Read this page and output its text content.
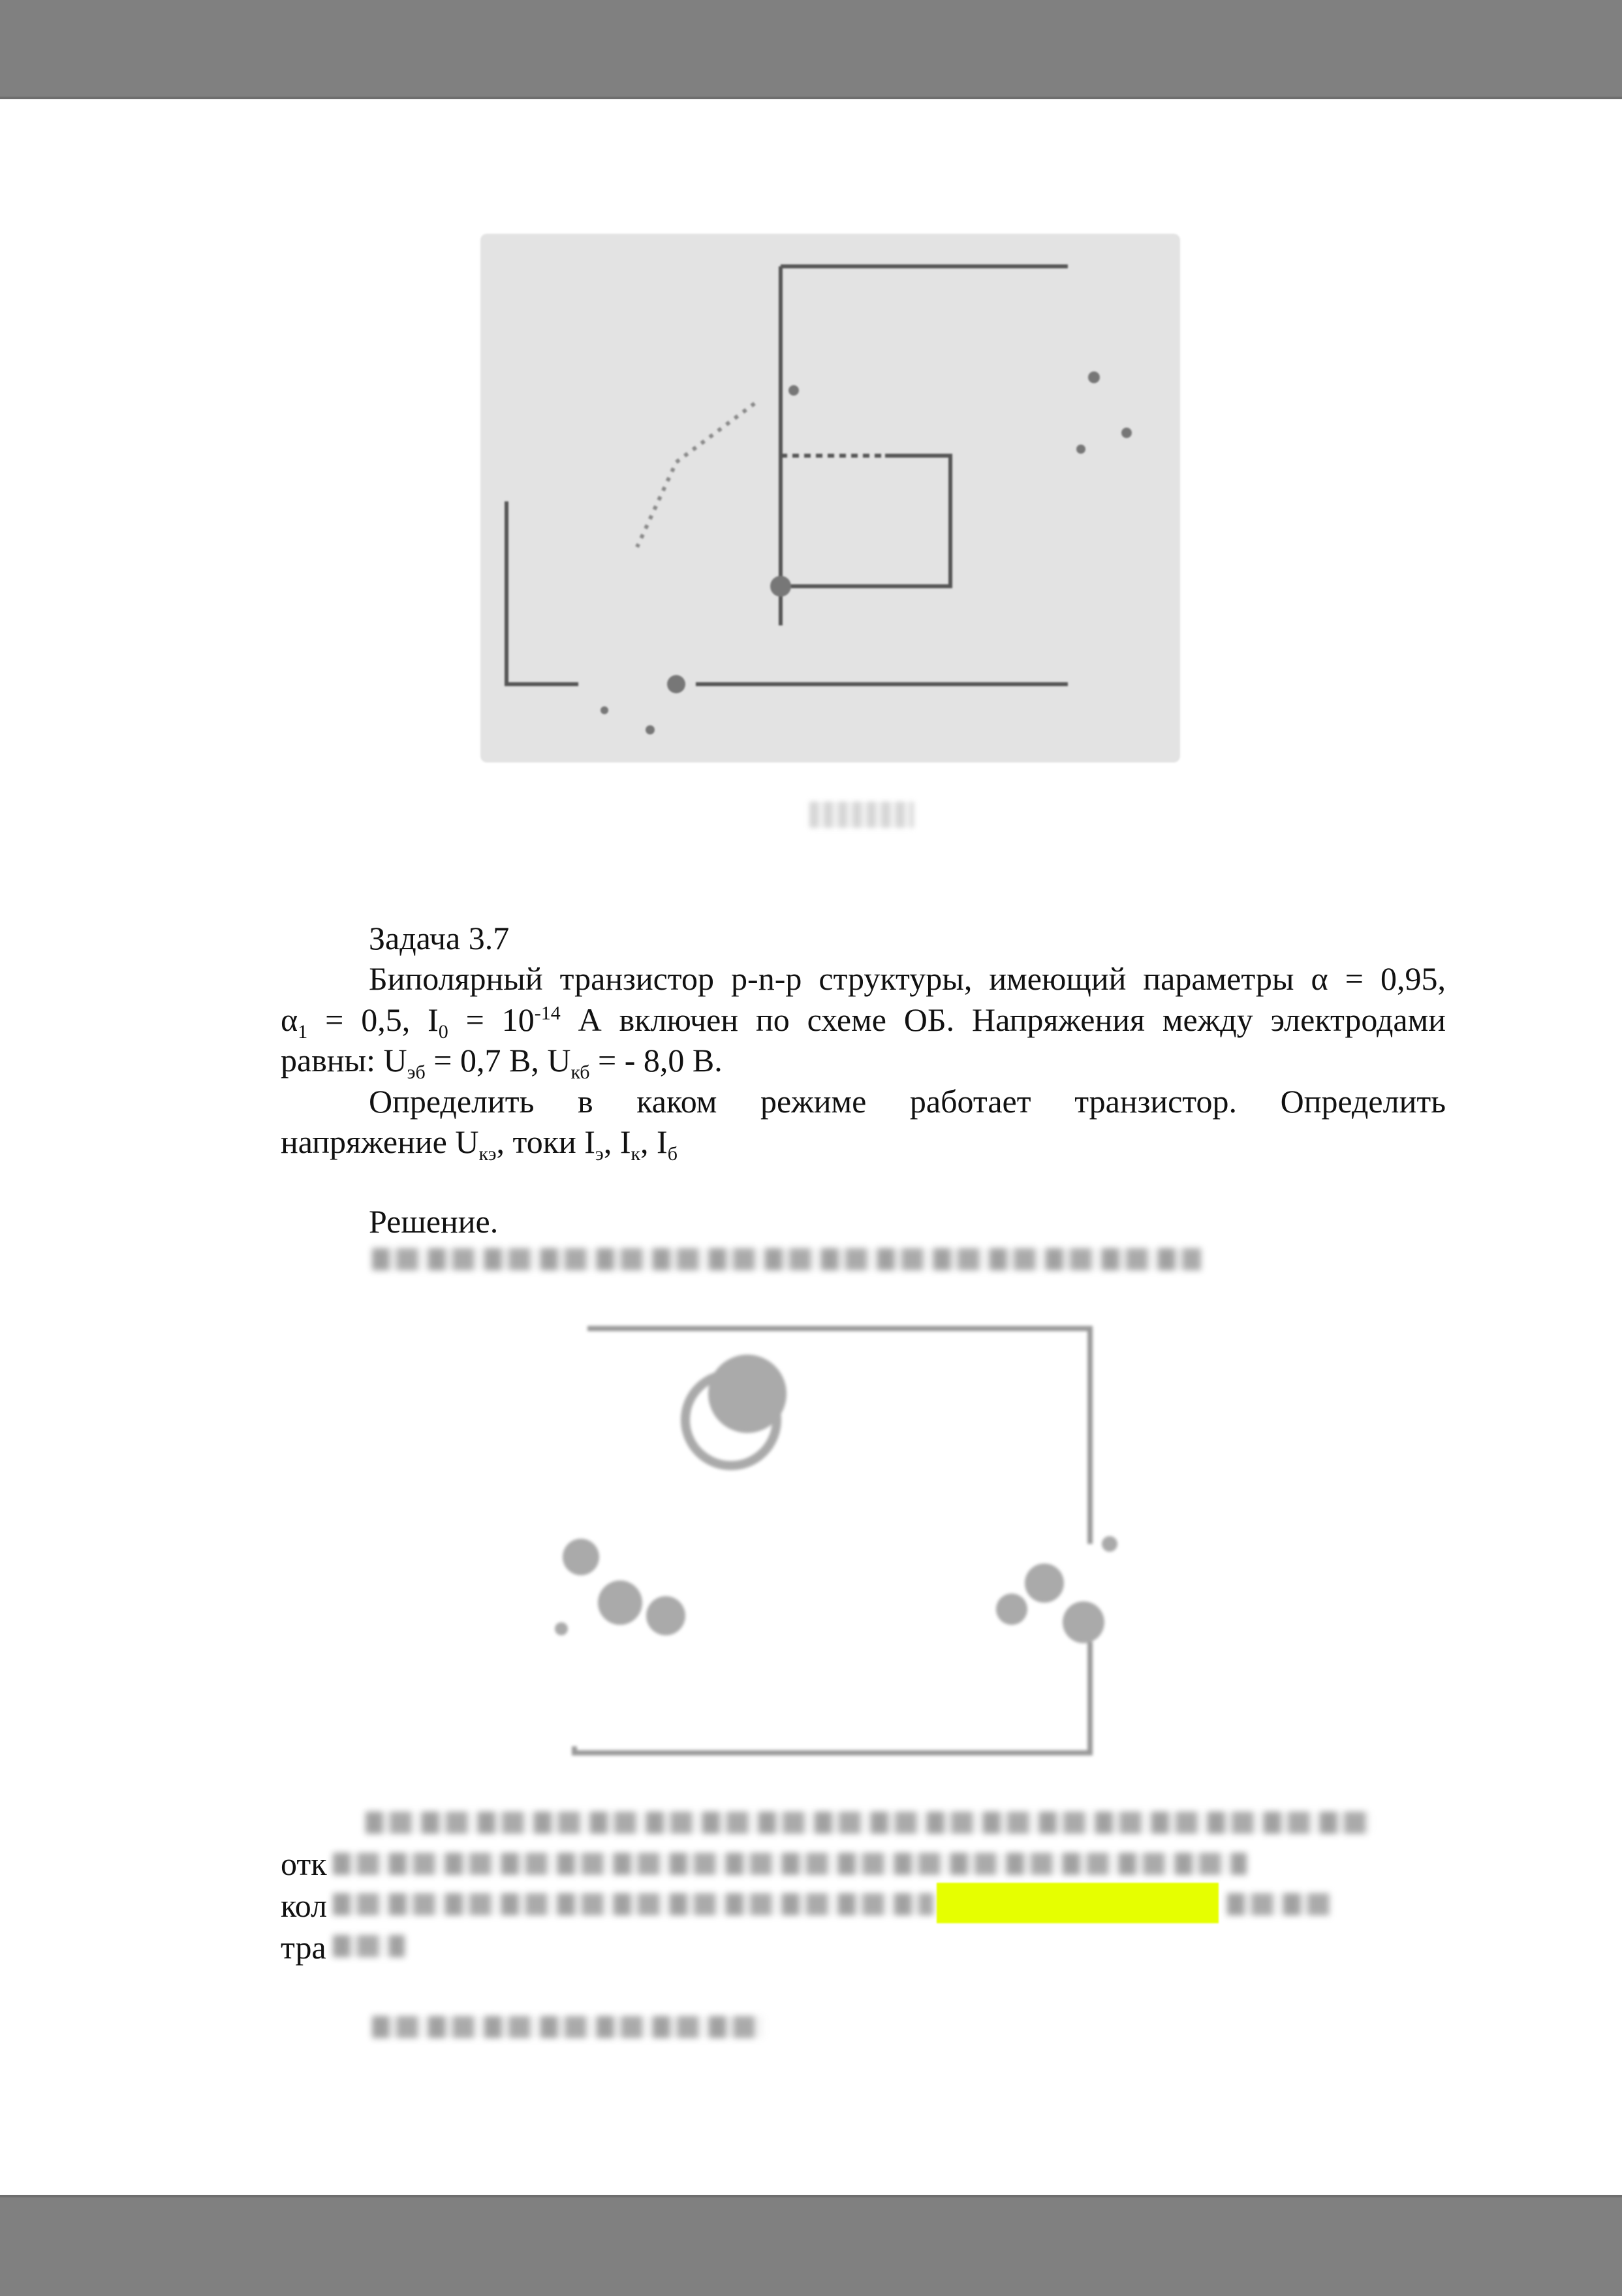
Задача 3.7
Биполярный транзистор p-n-p структуры, имеющий параметры α = 0,95,
$\alpha_1 = 0,5$, $I_0 = 10^{-14}$ А включен по схеме ОБ. Напряжения между электродами
равны: $U_{эб} = 0,7$ В, $U_{кб}$ = - 8,0 В.
Определить в каком режиме работает транзистор. Определить
напряжение $U_{кэ}$, токи $I_э$, $I_к$, $I_б$
Решение.
отк
кол
тра
